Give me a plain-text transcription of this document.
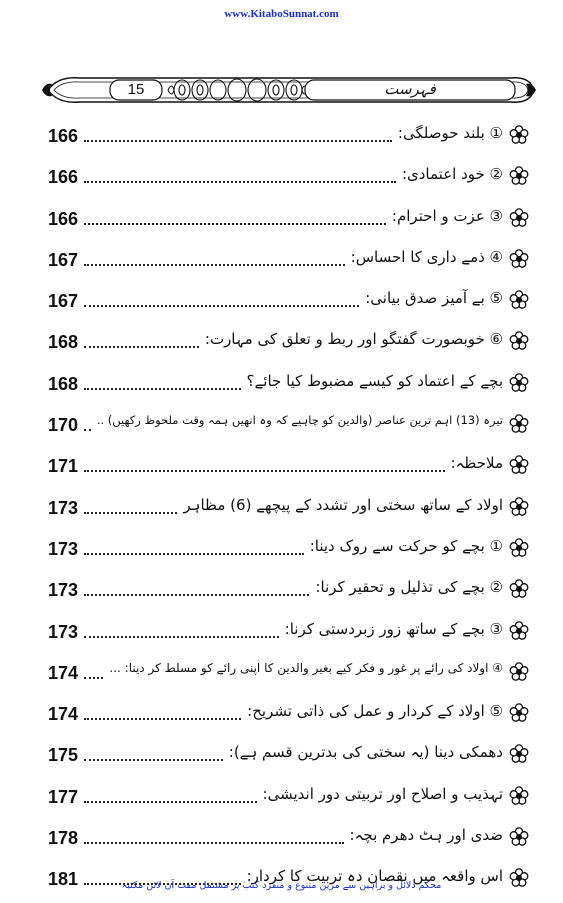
www.KitaboSunnat.com
15	فہرست
166	① بلند حوصلگی:
166	② خود اعتمادی:
166	③ عزت و احترام:
167	④ ذمے داری کا احساس:
167	⑤ بے آمیز صدق بیانی:
168	⑥ خوبصورت گفتگو اور ربط و تعلق کی مہارت:
168	بچے کے اعتماد کو کیسے مضبوط کیا جائے؟
170	تیرہ (13) اہم ترین عناصر (والدین کو چاہیے کہ وہ انھیں ہمہ وقت ملحوظ رکھیں) ..
171	ملاحظہ:
173	اولاد کے ساتھ سختی اور تشدد کے پیچھے (6) مظاہر
173	① بچے کو حرکت سے روک دینا:
173	② بچے کی تذلیل و تحقیر کرنا:
173	③ بچے کے ساتھ زور زبردستی کرنا:
174	④ اولاد کی رائے پر غور و فکر کیے بغیر والدین کا اپنی رائے کو مسلط کر دینا: ...
174	⑤ اولاد کے کردار و عمل کی ذاتی تشریح:
175	دھمکی دینا (یہ سختی کی بدترین قسم ہے):
177	تہذیب و اصلاح اور تربیتی دور اندیشی:
178	ضدی اور ہٹ دھرم بچہ:
181	اس واقعہ میں نقصان دہ تربیت کا کردار:
محکم دلائل و براہین سے مزین متنوع و منفرد کتب پر مشتمل مفت آن لائن مکتبہ
